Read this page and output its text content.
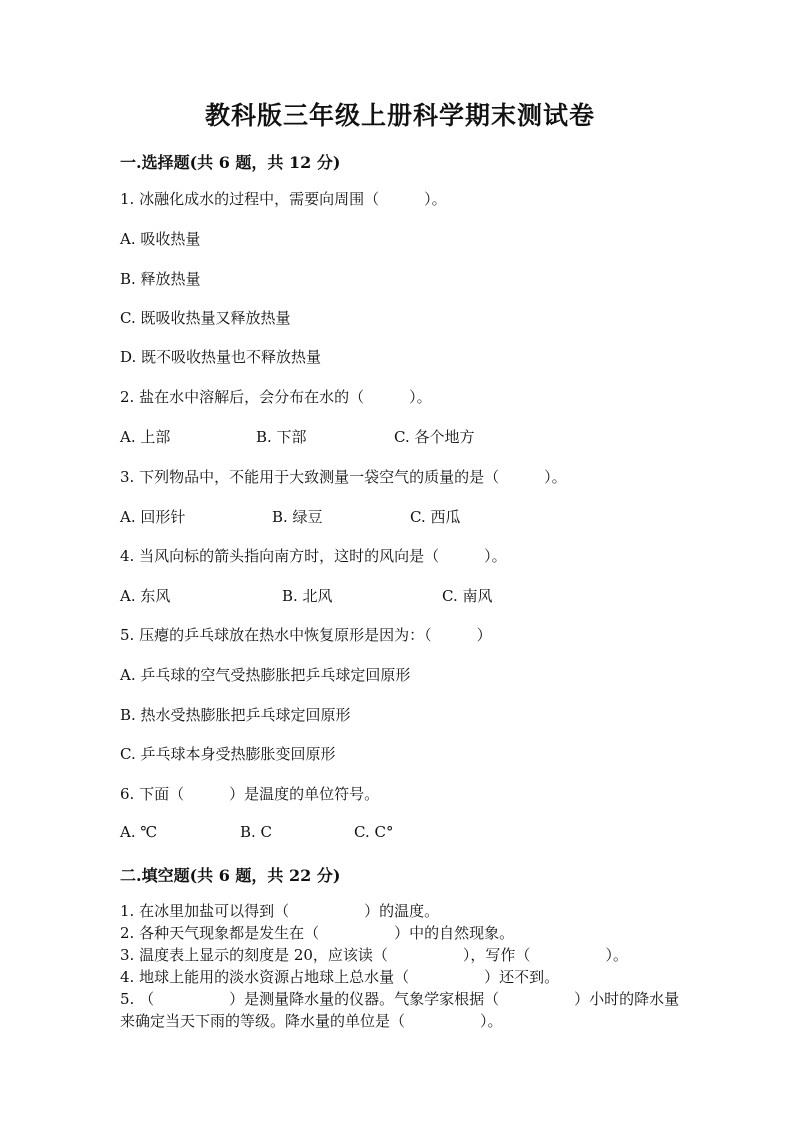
教科版三年级上册科学期末测试卷
一.选择题(共 6 题，共 12 分)
1. 冰融化成水的过程中，需要向周围（　　　）。
A. 吸收热量
B. 释放热量
C. 既吸收热量又释放热量
D. 既不吸收热量也不释放热量
2. 盐在水中溶解后，会分布在水的（　　　）。
A. 上部	B. 下部	C. 各个地方
3. 下列物品中，不能用于大致测量一袋空气的质量的是（　　　）。
A. 回形针	B. 绿豆	C. 西瓜
4. 当风向标的箭头指向南方时，这时的风向是（　　　）。
A. 东风	B. 北风	C. 南风
5. 压瘪的乒乓球放在热水中恢复原形是因为：（　　　）
A. 乒乓球的空气受热膨胀把乒乓球定回原形
B. 热水受热膨胀把乒乓球定回原形
C. 乒乓球本身受热膨胀变回原形
6. 下面（　　　）是温度的单位符号。
A. ℃	B. C	C. C°
二.填空题(共 6 题，共 22 分)
1. 在冰里加盐可以得到（　　　　　）的温度。
2. 各种天气现象都是发生在（　　　　　）中的自然现象。
3. 温度表上显示的刻度是 20，应该读（　　　　　），写作（　　　　　）。
4. 地球上能用的淡水资源占地球上总水量（　　　　　）还不到。
5. （　　　　　）是测量降水量的仪器。气象学家根据（　　　　　）小时的降水量来确定当天下雨的等级。降水量的单位是（　　　　　）。
